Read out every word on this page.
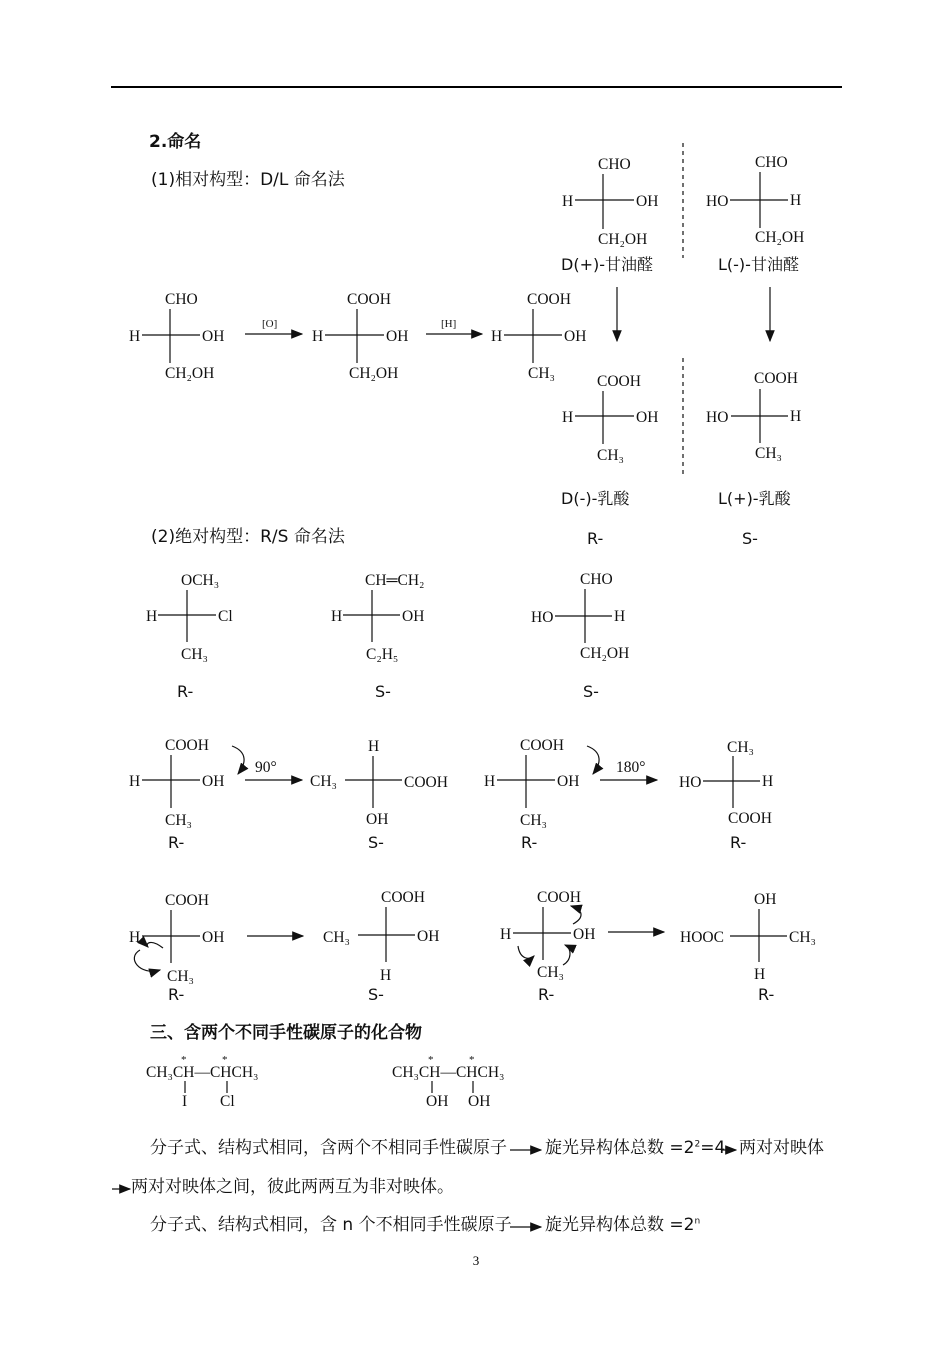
2.命名
(1)相对构型：D/L 命名法
(2)绝对构型：R/S 命名法
三、含两个不同手性碳原子的化合物
分子式、结构式相同，含两个不相同手性碳原子 旋光异构体总数 $=2^2=4$ 两对对映体
两对对映体之间，彼此两两互为非对映体。
分子式、结构式相同，含 n 个不相同手性碳原子 旋光异构体总数 $=2^n$
3
CHO
H	OH
CH₂OH
D(+)-甘油醛
CHO
HO	H
CH₂OH
L(-)-甘油醛
CHO
H	OH
CH₂OH
[O]
COOH
H	OH
CH₂OH
[H]
COOH
H	OH
CH₃	COOH
H	OH
CH₃
D(-)-乳酸
R-
COOH
HO	H
CH₃
L(+)-乳酸
S-
OCH₃
H	Cl
CH₃
R-
CH═CH₂
H	OH
C₂H₅
S-
CHO
HO	H
CH₂OH
S-
COOH
H	OH
CH₃
R-
90°
H
CH₃	COOH
OH
S-
COOH
H	OH
CH₃
R-
180°
CH₃
HO	H
COOH
R-
COOH
H	OH
CH₃
R-
COOH
CH₃	OH
H
S-
COOH
H	OH
CH₃
R-
OH
HOOC	CH₃
H
R-
*	*
CH₃CH—CHCH₃
I Cl
*	*
CH₃CH—CHCH₃
OH OH
